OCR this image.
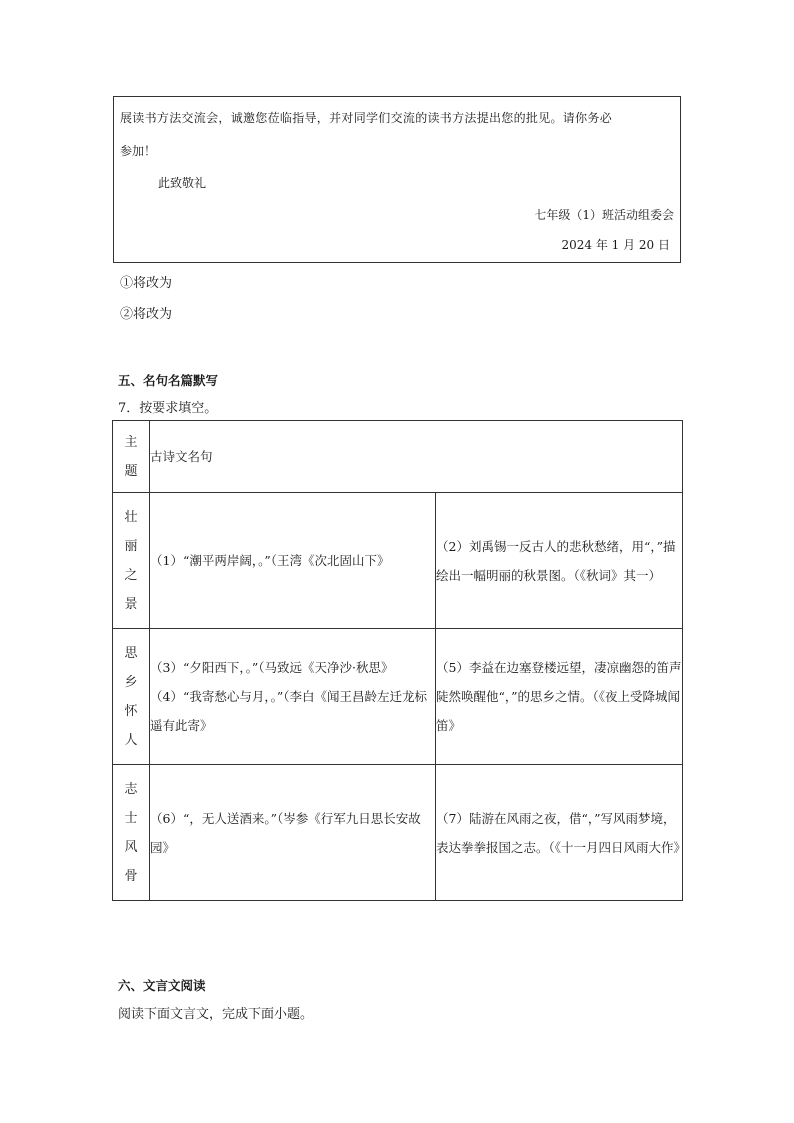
展读书方法交流会，诚邀您莅临指导，并对同学们交流的读书方法提出您的批见。请你务必
参加！
此致敬礼
七年级（1）班活动组委会
2024 年 1 月 20 日
①将改为
②将改为
五、名句名篇默写
7．按要求填空。
主
题	古诗文名句	

壮
丽
之
景	（1）“潮平两岸阔，。”（王湾《次北固山下》	（2）刘禹锡一反古人的悲秋愁绪，用“，”描绘出一幅明丽的秋景图。（《秋词》其一）

思
乡
怀
人	（3）“夕阳西下，。”（马致远《天净沙·秋思》（4）“我寄愁心与月，。”（李白《闻王昌龄左迁龙标遥有此寄》	（5）李益在边塞登楼远望，凄凉幽怨的笛声陡然唤醒他“，”的思乡之情。（《夜上受降城闻笛》

志
士
风
骨	（6）“，无人送酒来。”（岑参《行军九日思长安故园》	（7）陆游在风雨之夜，借“，”写风雨梦境，表达拳拳报国之志。（《十一月四日风雨大作》
六、文言文阅读
阅读下面文言文，完成下面小题。
